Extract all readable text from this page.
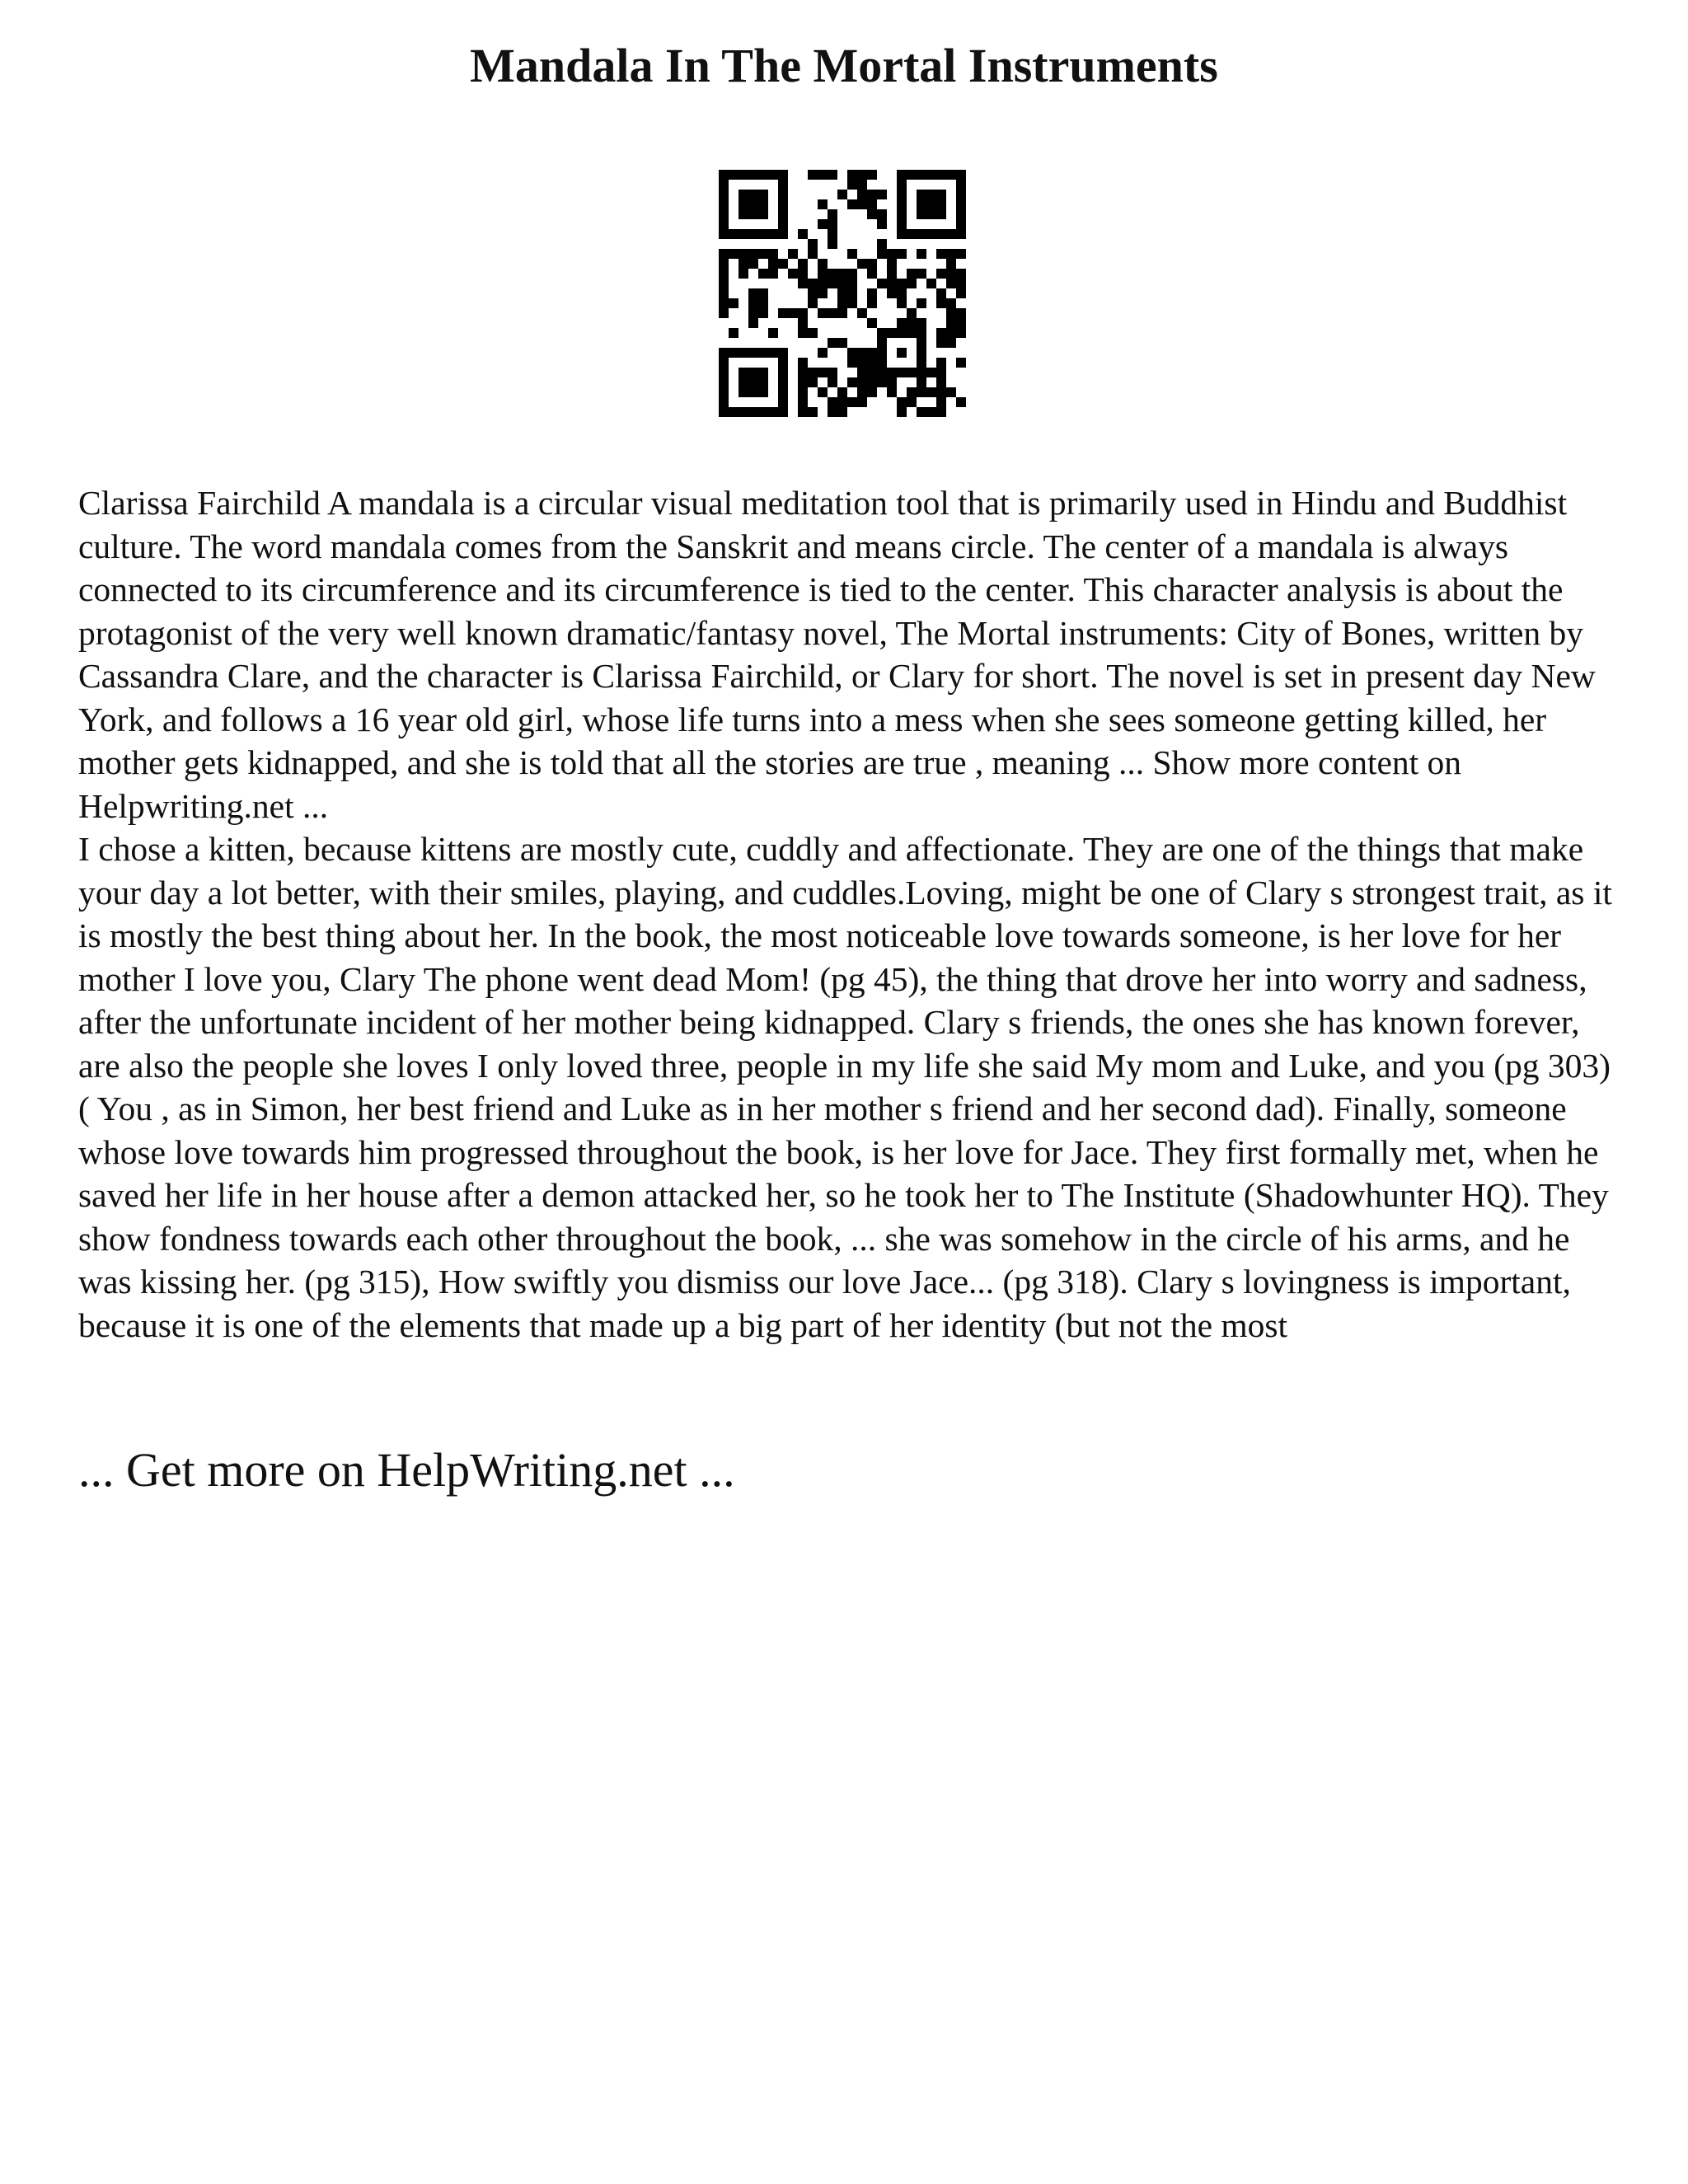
Mandala In The Mortal Instruments

Clarissa Fairchild A mandala is a circular visual meditation tool that is primarily used in Hindu and Buddhist culture. The word mandala comes from the Sanskrit and means circle. The center of a mandala is always connected to its circumference and its circumference is tied to the center. This character analysis is about the protagonist of the very well known dramatic/fantasy novel, The Mortal instruments: City of Bones, written by Cassandra Clare, and the character is Clarissa Fairchild, or Clary for short. The novel is set in present day New York, and follows a 16 year old girl, whose life turns into a mess when she sees someone getting killed, her mother gets kidnapped, and she is told that all the stories are true , meaning ... Show more content on Helpwriting.net ...

I chose a kitten, because kittens are mostly cute, cuddly and affectionate. They are one of the things that make your day a lot better, with their smiles, playing, and cuddles.Loving, might be one of Clary s strongest trait, as it is mostly the best thing about her. In the book, the most noticeable love towards someone, is her love for her mother I love you, Clary The phone went dead Mom! (pg 45), the thing that drove her into worry and sadness, after the unfortunate incident of her mother being kidnapped. Clary s friends, the ones she has known forever, are also the people she loves I only loved three, people in my life she said My mom and Luke, and you (pg 303) ( You , as in Simon, her best friend and Luke as in her mother s friend and her second dad). Finally, someone whose love towards him progressed throughout the book, is her love for Jace. They first formally met, when he saved her life in her house after a demon attacked her, so he took her to The Institute (Shadowhunter HQ). They show fondness towards each other throughout the book, ... she was somehow in the circle of his arms, and he was kissing her. (pg 315), How swiftly you dismiss our love Jace... (pg 318). Clary s lovingness is important, because it is one of the elements that made up a big part of her identity (but not the most

... Get more on HelpWriting.net ...
